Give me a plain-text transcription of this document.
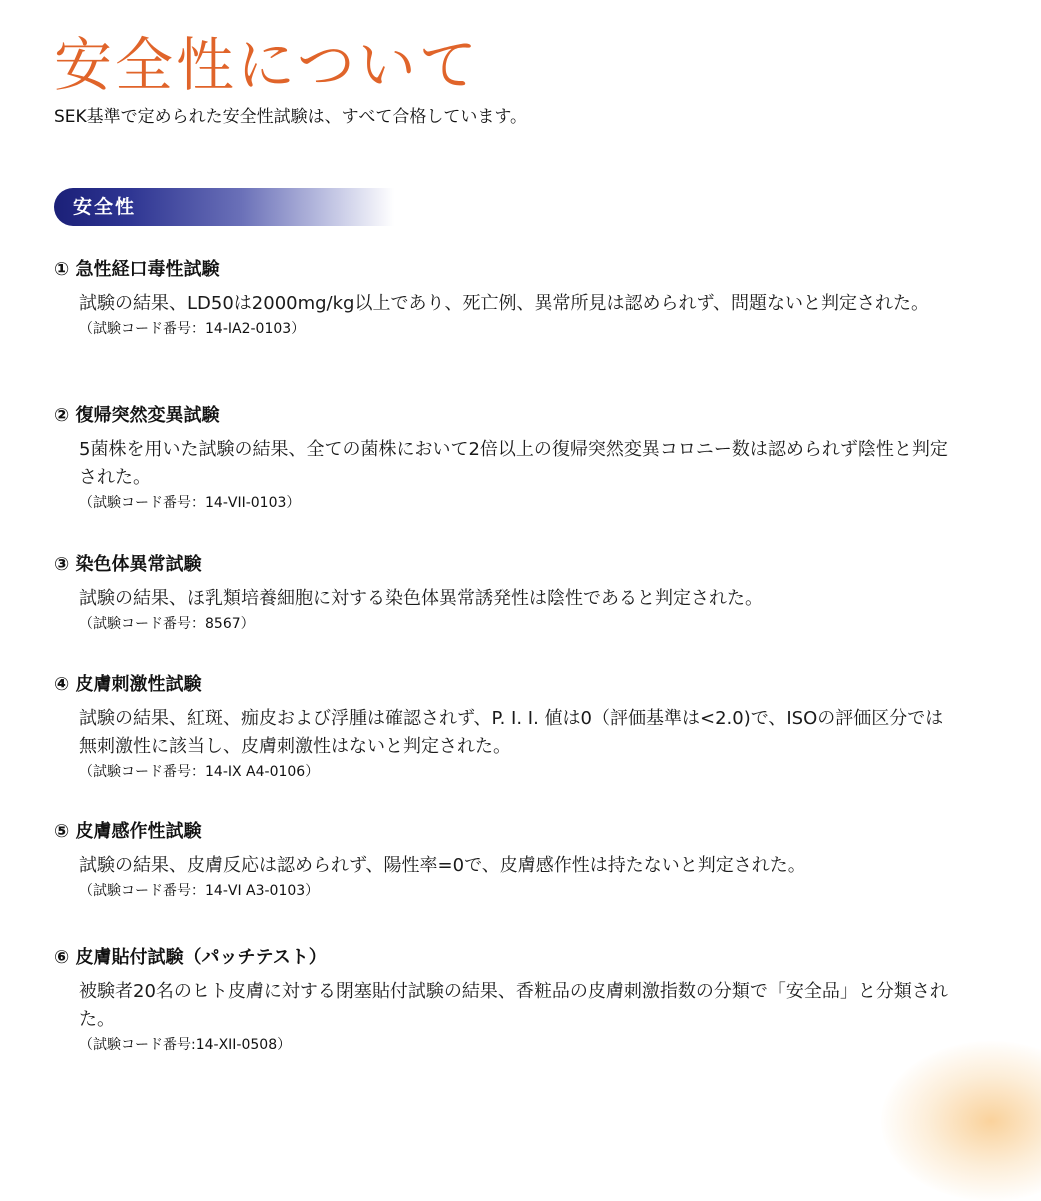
安全性について

SEK基準で定められた安全性試験は、すべて合格しています。

安全性

① 急性経口毒性試験

試験の結果、LD50は2000mg/kg以上であり、死亡例、異常所見は認められず、問題ないと判定された。

（試験コード番号：14-IA2-0103）

② 復帰突然変異試験

5菌株を用いた試験の結果、全ての菌株において2倍以上の復帰突然変異コロニー数は認められず陰性と判定された。

（試験コード番号：14-VII-0103）

③ 染色体異常試験

試験の結果、ほ乳類培養細胞に対する染色体異常誘発性は陰性であると判定された。

（試験コード番号：8567）

④ 皮膚刺激性試験

試験の結果、紅斑、痂皮および浮腫は確認されず、P. I. I. 値は0（評価基準は<2.0)で、ISOの評価区分では無刺激性に該当し、皮膚刺激性はないと判定された。

（試験コード番号：14-IX A4-0106）

⑤ 皮膚感作性試験

試験の結果、皮膚反応は認められず、陽性率=0で、皮膚感作性は持たないと判定された。

（試験コード番号：14-VI A3-0103）

⑥ 皮膚貼付試験（パッチテスト）

被験者20名のヒト皮膚に対する閉塞貼付試験の結果、香粧品の皮膚刺激指数の分類で「安全品」と分類された。

（試験コード番号:14-XII-0508）
